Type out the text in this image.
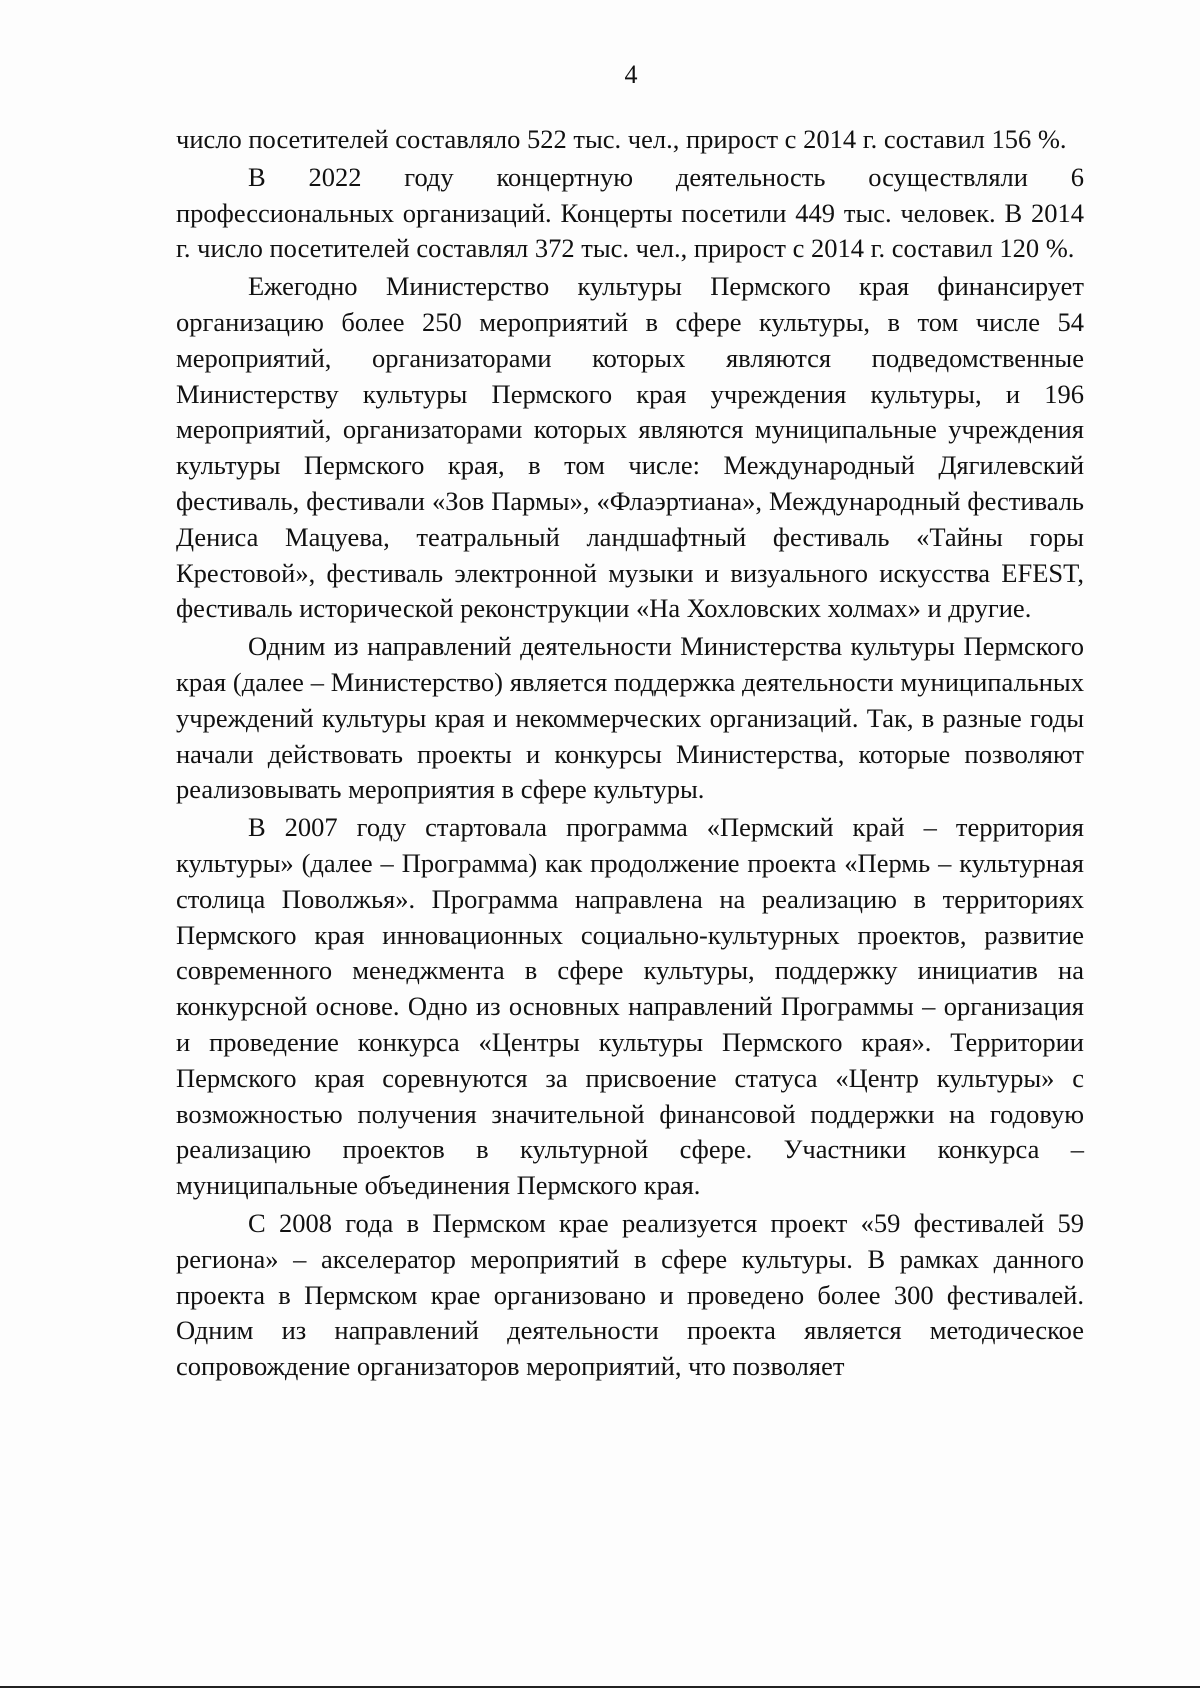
4

число посетителей составляло 522 тыс. чел., прирост с 2014 г. составил 156 %.

В 2022 году концертную деятельность осуществляли 6 профессиональных организаций. Концерты посетили 449 тыс. человек. В 2014 г. число посетителей составлял 372 тыс. чел., прирост с 2014 г. составил 120 %.

Ежегодно Министерство культуры Пермского края финансирует организацию более 250 мероприятий в сфере культуры, в том числе 54 мероприятий, организаторами которых являются подведомственные Министерству культуры Пермского края учреждения культуры, и 196 мероприятий, организаторами которых являются муниципальные учреждения культуры Пермского края, в том числе: Международный Дягилевский фестиваль, фестивали «Зов Пармы», «Флаэртиана», Международный фестиваль Дениса Мацуева, театральный ландшафтный фестиваль «Тайны горы Крестовой», фестиваль электронной музыки и визуального искусства EFEST, фестиваль исторической реконструкции «На Хохловских холмах» и другие.

Одним из направлений деятельности Министерства культуры Пермского края (далее – Министерство) является поддержка деятельности муниципальных учреждений культуры края и некоммерческих организаций. Так, в разные годы начали действовать проекты и конкурсы Министерства, которые позволяют реализовывать мероприятия в сфере культуры.

В 2007 году стартовала программа «Пермский край – территория культуры» (далее – Программа) как продолжение проекта «Пермь – культурная столица Поволжья». Программа направлена на реализацию в территориях Пермского края инновационных социально-культурных проектов, развитие современного менеджмента в сфере культуры, поддержку инициатив на конкурсной основе. Одно из основных направлений Программы – организация и проведение конкурса «Центры культуры Пермского края». Территории Пермского края соревнуются за присвоение статуса «Центр культуры» с возможностью получения значительной финансовой поддержки на годовую реализацию проектов в культурной сфере. Участники конкурса – муниципальные объединения Пермского края.

С 2008 года в Пермском крае реализуется проект «59 фестивалей 59 региона» – акселератор мероприятий в сфере культуры. В рамках данного проекта в Пермском крае организовано и проведено более 300 фестивалей. Одним из направлений деятельности проекта является методическое сопровождение организаторов мероприятий, что позволяет
